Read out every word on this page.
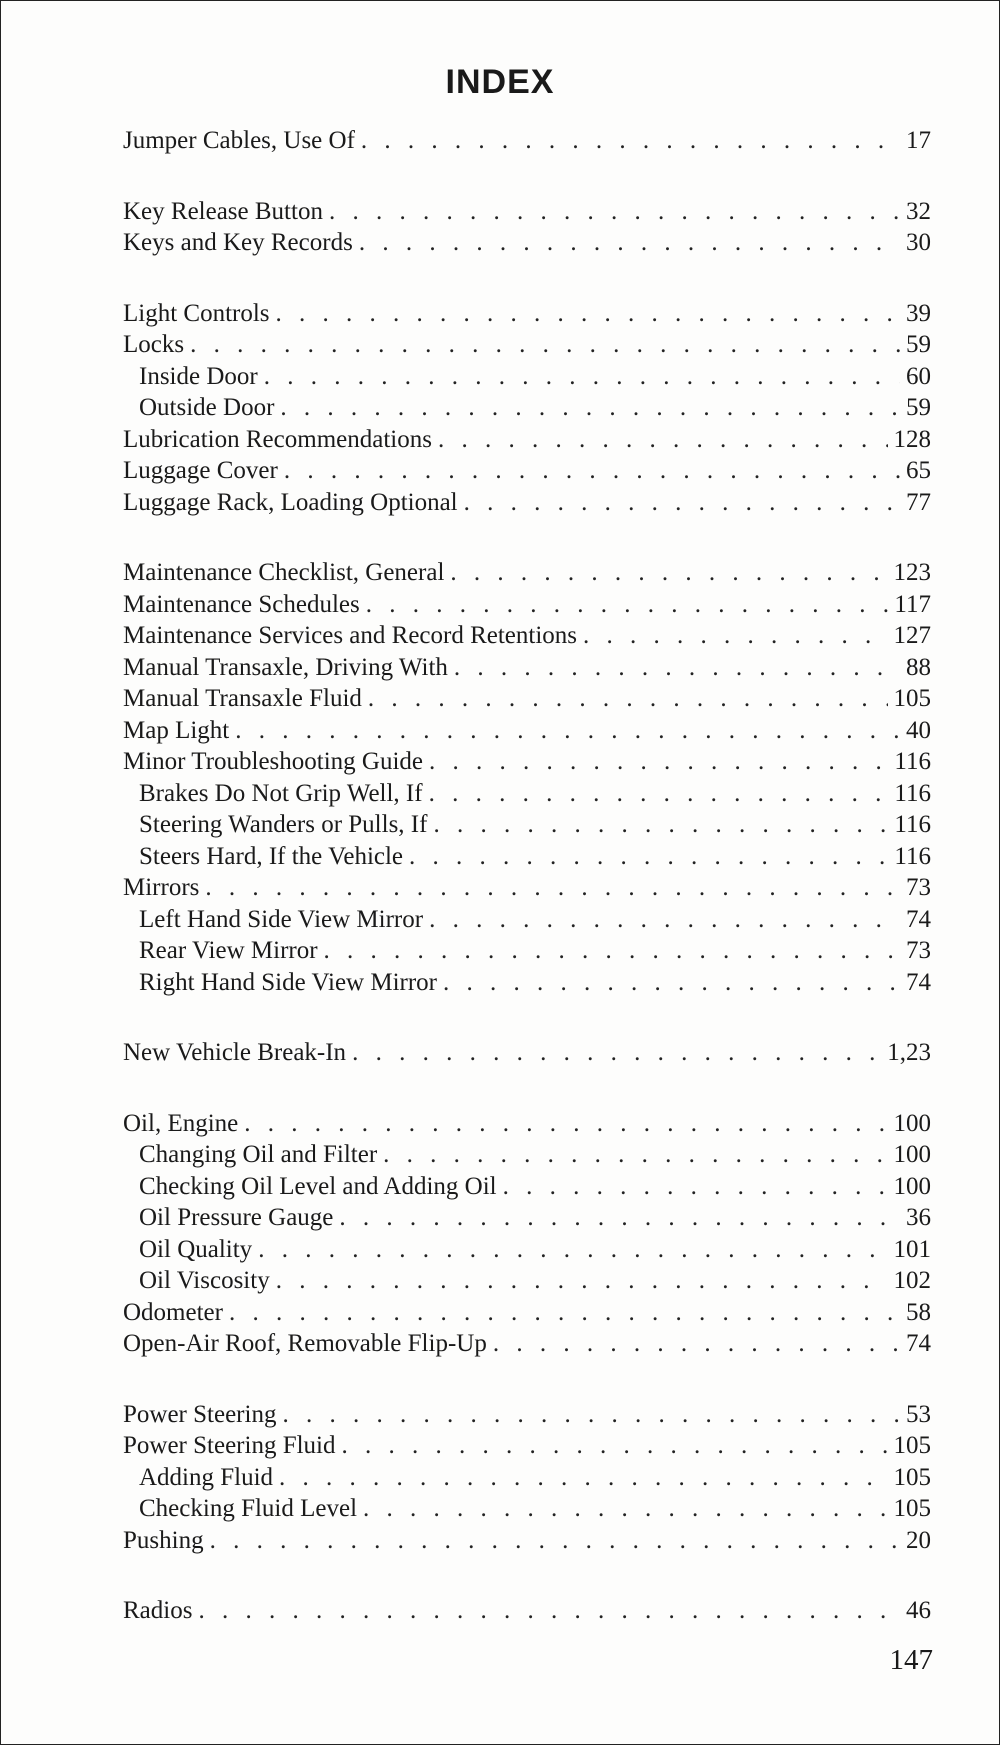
INDEX
Jumper Cables, Use Of . . .	17
Key Release Button . . .	32
Keys and Key Records . . .	30
Light Controls . . .	39
Locks . . .	59
Inside Door . . .	60
Outside Door . . .	59
Lubrication Recommendations . . .	128
Luggage Cover . . .	65
Luggage Rack, Loading Optional . . .	77
Maintenance Checklist, General . . .	123
Maintenance Schedules . . .	117
Maintenance Services and Record Retentions . . .	127
Manual Transaxle, Driving With . . .	88
Manual Transaxle Fluid . . .	105
Map Light . . .	40
Minor Troubleshooting Guide . . .	116
Brakes Do Not Grip Well, If . . .	116
Steering Wanders or Pulls, If . . .	116
Steers Hard, If the Vehicle . . .	116
Mirrors . . .	73
Left Hand Side View Mirror . . .	74
Rear View Mirror . . .	73
Right Hand Side View Mirror . . .	74
New Vehicle Break-In . . .	1,23
Oil, Engine . . .	100
Changing Oil and Filter . . .	100
Checking Oil Level and Adding Oil . . .	100
Oil Pressure Gauge . . .	36
Oil Quality . . .	101
Oil Viscosity . . .	102
Odometer . . .	58
Open-Air Roof, Removable Flip-Up . . .	74
Power Steering . . .	53
Power Steering Fluid . . .	105
Adding Fluid . . .	105
Checking Fluid Level . . .	105
Pushing . . .	20
Radios . . .	46
147
